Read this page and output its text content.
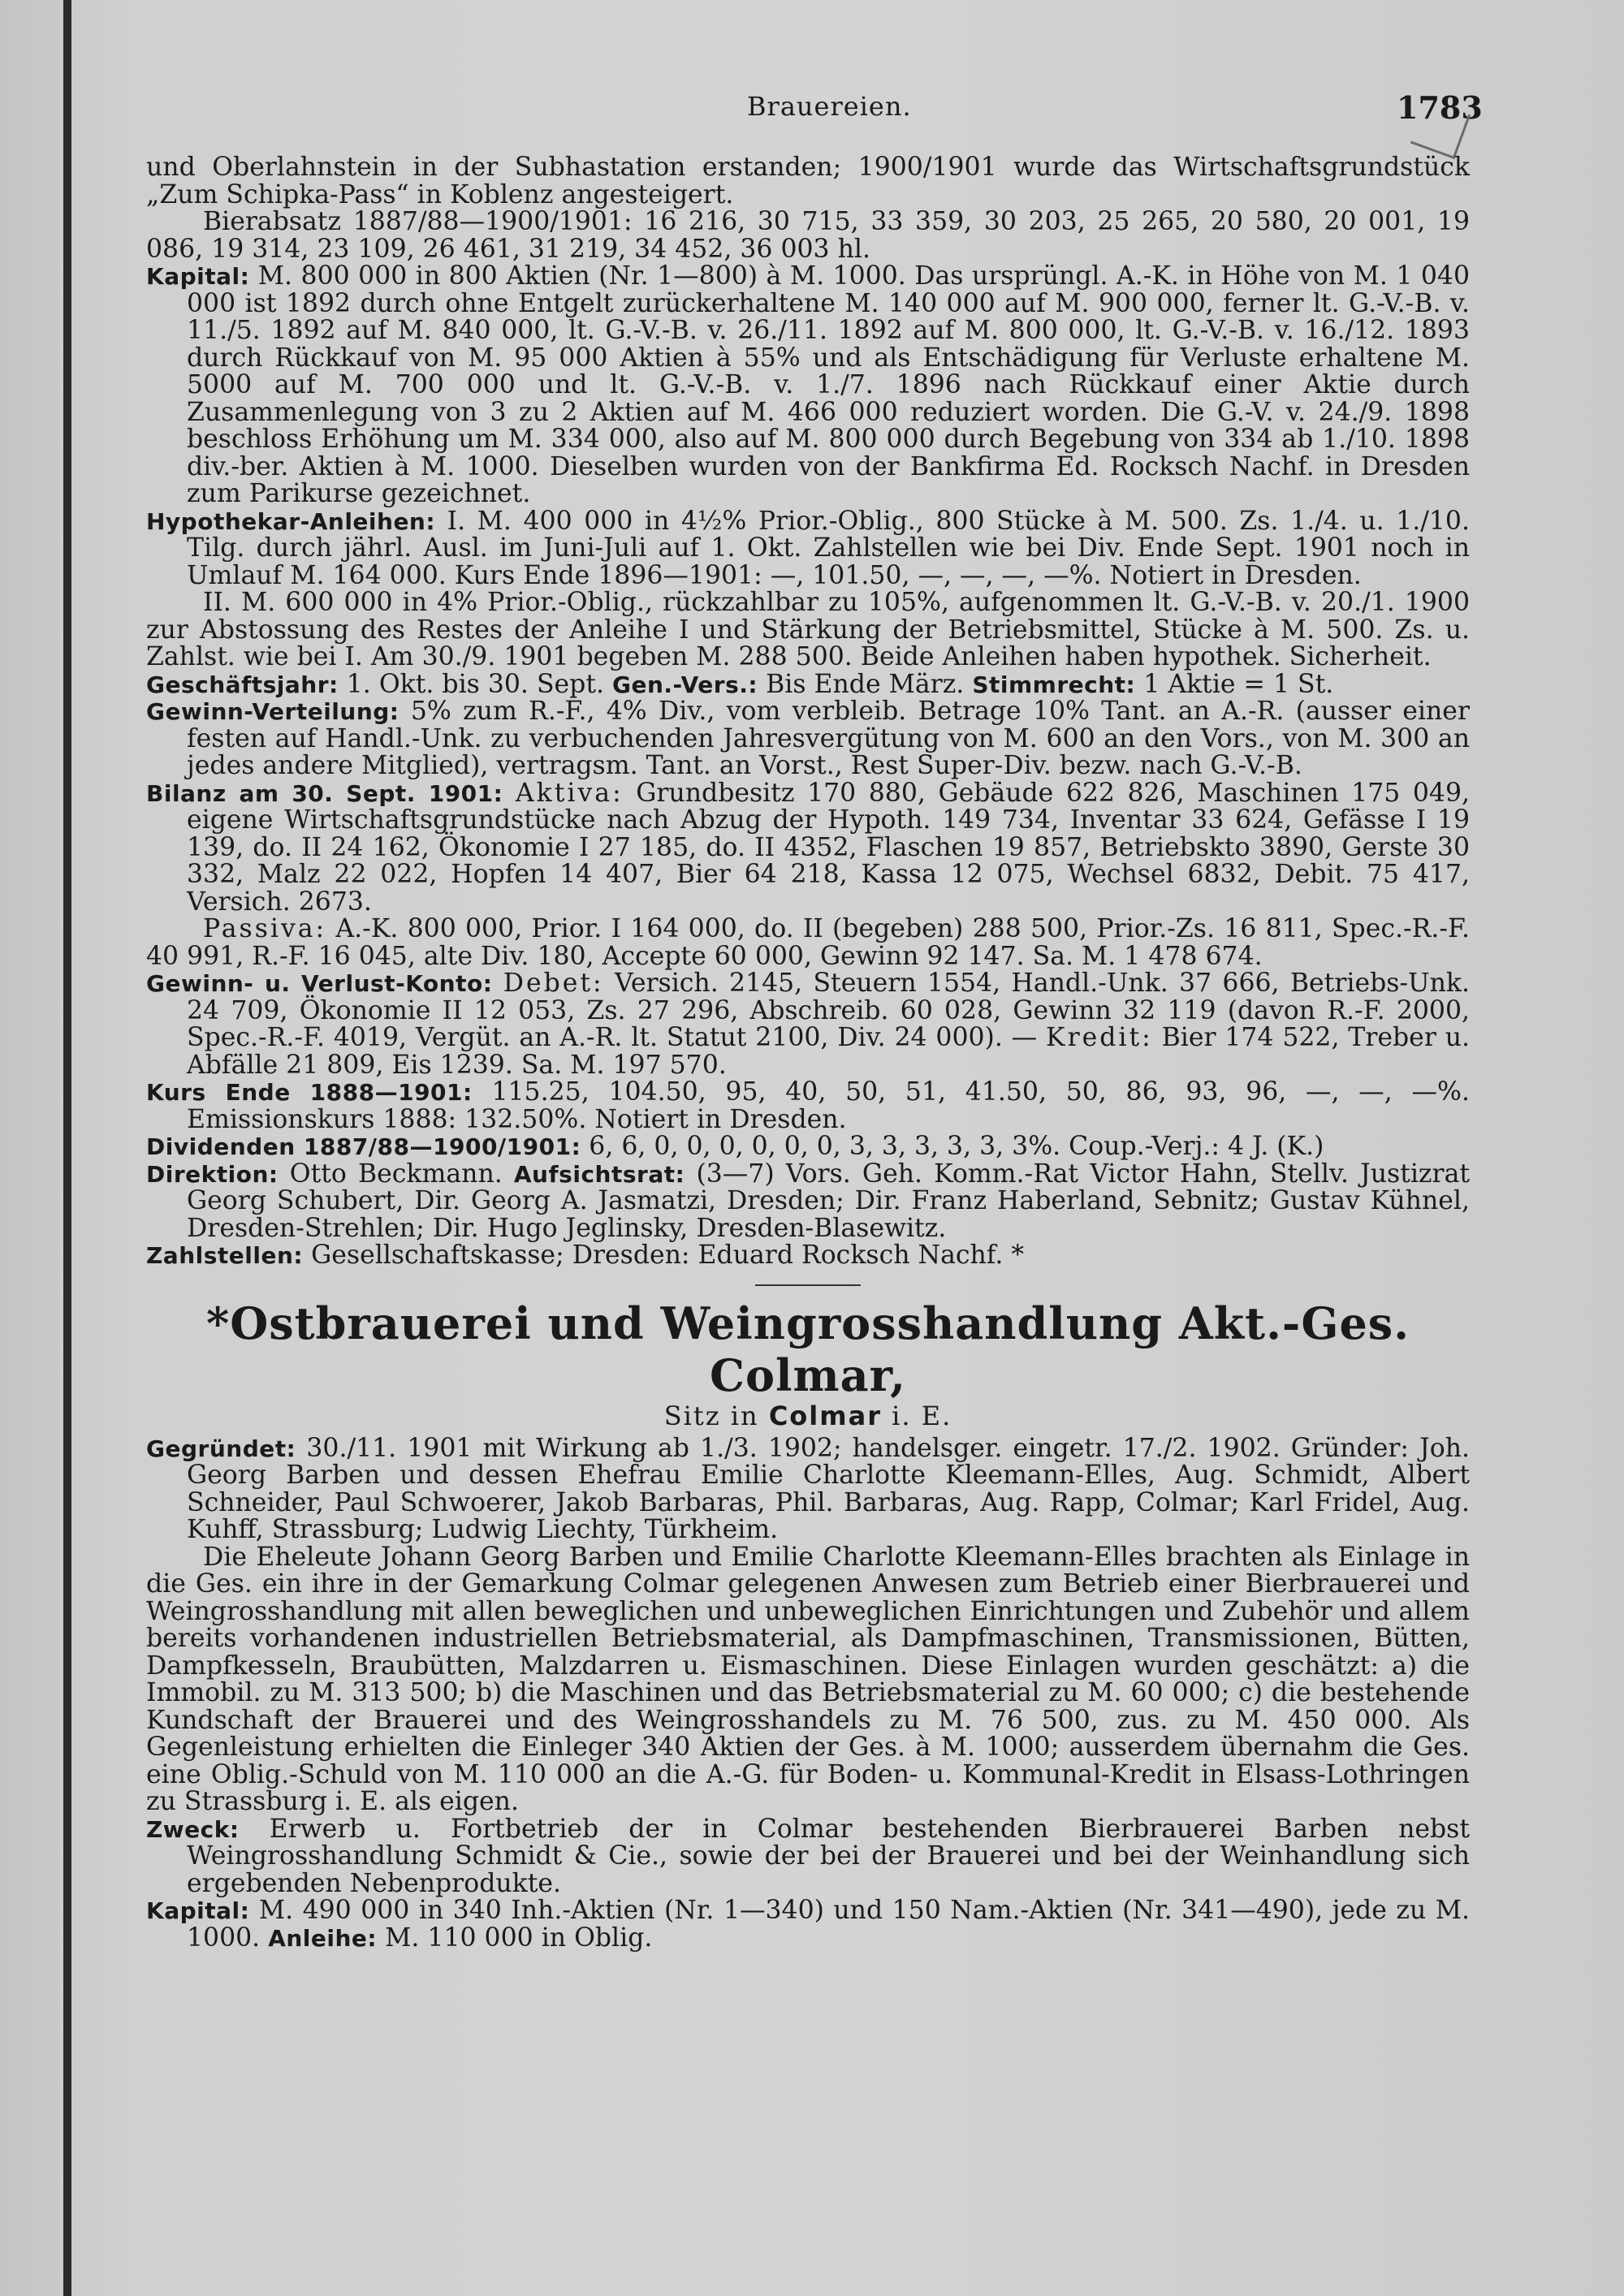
Brauereien.	1783

und Oberlahnstein in der Subhastation erstanden; 1900/1901 wurde das Wirtschaftsgrundstück „Zum Schipka-Pass“ in Koblenz angesteigert.

Bierabsatz 1887/88—1900/1901: 16 216, 30 715, 33 359, 30 203, 25 265, 20 580, 20 001, 19 086, 19 314, 23 109, 26 461, 31 219, 34 452, 36 003 hl.

Kapital: M. 800 000 in 800 Aktien (Nr. 1—800) à M. 1000. Das ursprüngl. A.-K. in Höhe von M. 1 040 000 ist 1892 durch ohne Entgelt zurückerhaltene M. 140 000 auf M. 900 000, ferner lt. G.-V.-B. v. 11./5. 1892 auf M. 840 000, lt. G.-V.-B. v. 26./11. 1892 auf M. 800 000, lt. G.-V.-B. v. 16./12. 1893 durch Rückkauf von M. 95 000 Aktien à 55% und als Entschädigung für Verluste erhaltene M. 5000 auf M. 700 000 und lt. G.-V.-B. v. 1./7. 1896 nach Rückkauf einer Aktie durch Zusammenlegung von 3 zu 2 Aktien auf M. 466 000 reduziert worden. Die G.-V. v. 24./9. 1898 beschloss Erhöhung um M. 334 000, also auf M. 800 000 durch Begebung von 334 ab 1./10. 1898 div.-ber. Aktien à M. 1000. Dieselben wurden von der Bankfirma Ed. Rocksch Nachf. in Dresden zum Parikurse gezeichnet.

Hypothekar-Anleihen: I. M. 400 000 in 4½% Prior.-Oblig., 800 Stücke à M. 500. Zs. 1./4. u. 1./10. Tilg. durch jährl. Ausl. im Juni-Juli auf 1. Okt. Zahlstellen wie bei Div. Ende Sept. 1901 noch in Umlauf M. 164 000. Kurs Ende 1896—1901: —, 101.50, —, —, —, —%. Notiert in Dresden.

II. M. 600 000 in 4% Prior.-Oblig., rückzahlbar zu 105%, aufgenommen lt. G.-V.-B. v. 20./1. 1900 zur Abstossung des Restes der Anleihe I und Stärkung der Betriebsmittel, Stücke à M. 500. Zs. u. Zahlst. wie bei I. Am 30./9. 1901 begeben M. 288 500. Beide Anleihen haben hypothek. Sicherheit.

Geschäftsjahr: 1. Okt. bis 30. Sept. Gen.-Vers.: Bis Ende März. Stimmrecht: 1 Aktie = 1 St.

Gewinn-Verteilung: 5% zum R.-F., 4% Div., vom verbleib. Betrage 10% Tant. an A.-R. (ausser einer festen auf Handl.-Unk. zu verbuchenden Jahresvergütung von M. 600 an den Vors., von M. 300 an jedes andere Mitglied), vertragsm. Tant. an Vorst., Rest Super-Div. bezw. nach G.-V.-B.

Bilanz am 30. Sept. 1901: Aktiva: Grundbesitz 170 880, Gebäude 622 826, Maschinen 175 049, eigene Wirtschaftsgrundstücke nach Abzug der Hypoth. 149 734, Inventar 33 624, Gefässe I 19 139, do. II 24 162, Ökonomie I 27 185, do. II 4352, Flaschen 19 857, Betriebskto 3890, Gerste 30 332, Malz 22 022, Hopfen 14 407, Bier 64 218, Kassa 12 075, Wechsel 6832, Debit. 75 417, Versich. 2673.

Passiva: A.-K. 800 000, Prior. I 164 000, do. II (begeben) 288 500, Prior.-Zs. 16 811, Spec.-R.-F. 40 991, R.-F. 16 045, alte Div. 180, Accepte 60 000, Gewinn 92 147. Sa. M. 1 478 674.

Gewinn- u. Verlust-Konto: Debet: Versich. 2145, Steuern 1554, Handl.-Unk. 37 666, Betriebs-Unk. 24 709, Ökonomie II 12 053, Zs. 27 296, Abschreib. 60 028, Gewinn 32 119 (davon R.-F. 2000, Spec.-R.-F. 4019, Vergüt. an A.-R. lt. Statut 2100, Div. 24 000). — Kredit: Bier 174 522, Treber u. Abfälle 21 809, Eis 1239. Sa. M. 197 570.

Kurs Ende 1888—1901: 115.25, 104.50, 95, 40, 50, 51, 41.50, 50, 86, 93, 96, —, —, —%. Emissionskurs 1888: 132.50%. Notiert in Dresden.

Dividenden 1887/88—1900/1901: 6, 6, 0, 0, 0, 0, 0, 0, 3, 3, 3, 3, 3, 3%. Coup.-Verj.: 4 J. (K.)

Direktion: Otto Beckmann. Aufsichtsrat: (3—7) Vors. Geh. Komm.-Rat Victor Hahn, Stellv. Justizrat Georg Schubert, Dir. Georg A. Jasmatzi, Dresden; Dir. Franz Haberland, Sebnitz; Gustav Kühnel, Dresden-Strehlen; Dir. Hugo Jeglinsky, Dresden-Blasewitz.

Zahlstellen: Gesellschaftskasse; Dresden: Eduard Rocksch Nachf. *

*Ostbrauerei und Weingrosshandlung Akt.-Ges. Colmar,
Sitz in Colmar i. E.

Gegründet: 30./11. 1901 mit Wirkung ab 1./3. 1902; handelsger. eingetr. 17./2. 1902. Gründer: Joh. Georg Barben und dessen Ehefrau Emilie Charlotte Kleemann-Elles, Aug. Schmidt, Albert Schneider, Paul Schwoerer, Jakob Barbaras, Phil. Barbaras, Aug. Rapp, Colmar; Karl Fridel, Aug. Kuhff, Strassburg; Ludwig Liechty, Türkheim.

Die Eheleute Johann Georg Barben und Emilie Charlotte Kleemann-Elles brachten als Einlage in die Ges. ein ihre in der Gemarkung Colmar gelegenen Anwesen zum Betrieb einer Bierbrauerei und Weingrosshandlung mit allen beweglichen und unbeweglichen Einrichtungen und Zubehör und allem bereits vorhandenen industriellen Betriebsmaterial, als Dampfmaschinen, Transmissionen, Bütten, Dampfkesseln, Braubütten, Malzdarren u. Eismaschinen. Diese Einlagen wurden geschätzt: a) die Immobil. zu M. 313 500; b) die Maschinen und das Betriebsmaterial zu M. 60 000; c) die bestehende Kundschaft der Brauerei und des Weingrosshandels zu M. 76 500, zus. zu M. 450 000. Als Gegenleistung erhielten die Einleger 340 Aktien der Ges. à M. 1000; ausserdem übernahm die Ges. eine Oblig.-Schuld von M. 110 000 an die A.-G. für Boden- u. Kommunal-Kredit in Elsass-Lothringen zu Strassburg i. E. als eigen.

Zweck: Erwerb u. Fortbetrieb der in Colmar bestehenden Bierbrauerei Barben nebst Weingrosshandlung Schmidt & Cie., sowie der bei der Brauerei und bei der Weinhandlung sich ergebenden Nebenprodukte.

Kapital: M. 490 000 in 340 Inh.-Aktien (Nr. 1—340) und 150 Nam.-Aktien (Nr. 341—490), jede zu M. 1000. Anleihe: M. 110 000 in Oblig.
